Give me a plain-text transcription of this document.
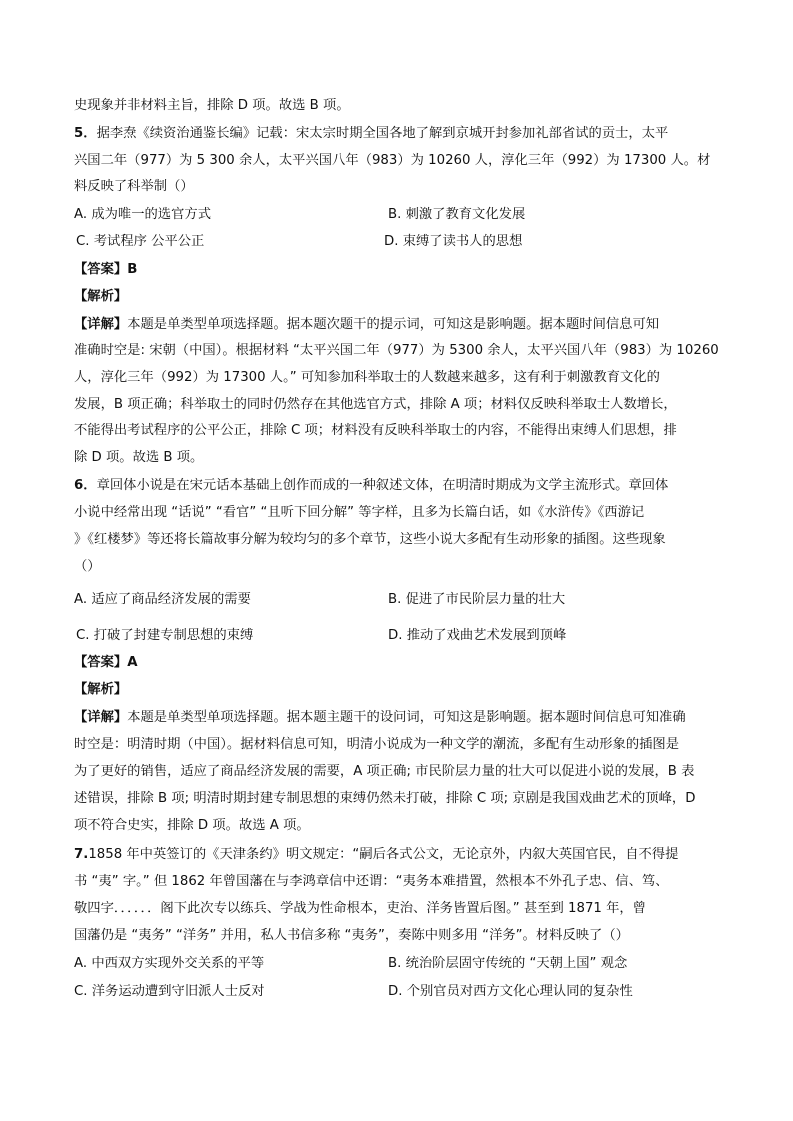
史现象并非材料主旨，排除 D 项。故选 B 项。
5．据李焘《续资治通鉴长编》记载：宋太宗时期全国各地了解到京城开封参加礼部省试的贡士，太平
兴国二年（977）为 5 300 余人，太平兴国八年（983）为 10260 人，淳化三年（992）为 17300 人。材
料反映了科举制（）
A. 成为唯一的选官方式	B. 刺激了教育文化发展
C. 考试程序 公平公正	D. 束缚了读书人的思想
【答案】B
【解析】
【详解】本题是单类型单项选择题。据本题次题干的提示词，可知这是影响题。据本题时间信息可知
准确时空是: 宋朝（中国）。根据材料 “太平兴国二年（977）为 5300 余人，太平兴国八年（983）为 10260
人，淳化三年（992）为 17300 人。” 可知参加科举取士的人数越来越多，这有利于刺激教育文化的
发展，B 项正确；科举取士的同时仍然存在其他选官方式，排除 A 项；材料仅反映科举取士人数增长，
不能得出考试程序的公平公正，排除 C 项；材料没有反映科举取士的内容，不能得出束缚人们思想，排
除 D 项。故选 B 项。
6．章回体小说是在宋元话本基础上创作而成的一种叙述文体，在明清时期成为文学主流形式。章回体
小说中经常出现 “话说” “看官” “且听下回分解” 等字样，且多为长篇白话，如《水浒传》《西游记
》《红楼梦》等还将长篇故事分解为较均匀的多个章节，这些小说大多配有生动形象的插图。这些现象
（）
A. 适应了商品经济发展的需要	B. 促进了市民阶层力量的壮大
C. 打破了封建专制思想的束缚	D. 推动了戏曲艺术发展到顶峰
【答案】A
【解析】
【详解】本题是单类型单项选择题。据本题主题干的设问词，可知这是影响题。据本题时间信息可知准确
时空是：明清时期（中国）。据材料信息可知，明清小说成为一种文学的潮流，多配有生动形象的插图是
为了更好的销售，适应了商品经济发展的需要，A 项正确; 市民阶层力量的壮大可以促进小说的发展，B 表
述错误，排除 B 项; 明清时期封建专制思想的束缚仍然未打破，排除 C 项; 京剧是我国戏曲艺术的顶峰，D
项不符合史实，排除 D 项。故选 A 项。
7.1858 年中英签订的《天津条约》明文规定：“嗣后各式公文，无论京外，内叙大英国官民，自不得提
书 “夷” 字。” 但 1862 年曾国藩在与李鸿章信中还谓：“夷务本难措置，然根本不外孔子忠、信、笃、
敬四字．．．．．．阁下此次专以练兵、学战为性命根本，吏治、洋务皆置后图。” 甚至到 1871 年，曾
国藩仍是 “夷务” “洋务” 并用，私人书信多称 “夷务”，奏陈中则多用 “洋务”。材料反映了（）
A. 中西双方实现外交关系的平等	B. 统治阶层固守传统的 “天朝上国” 观念
C. 洋务运动遭到守旧派人士反对	D. 个别官员对西方文化心理认同的复杂性
